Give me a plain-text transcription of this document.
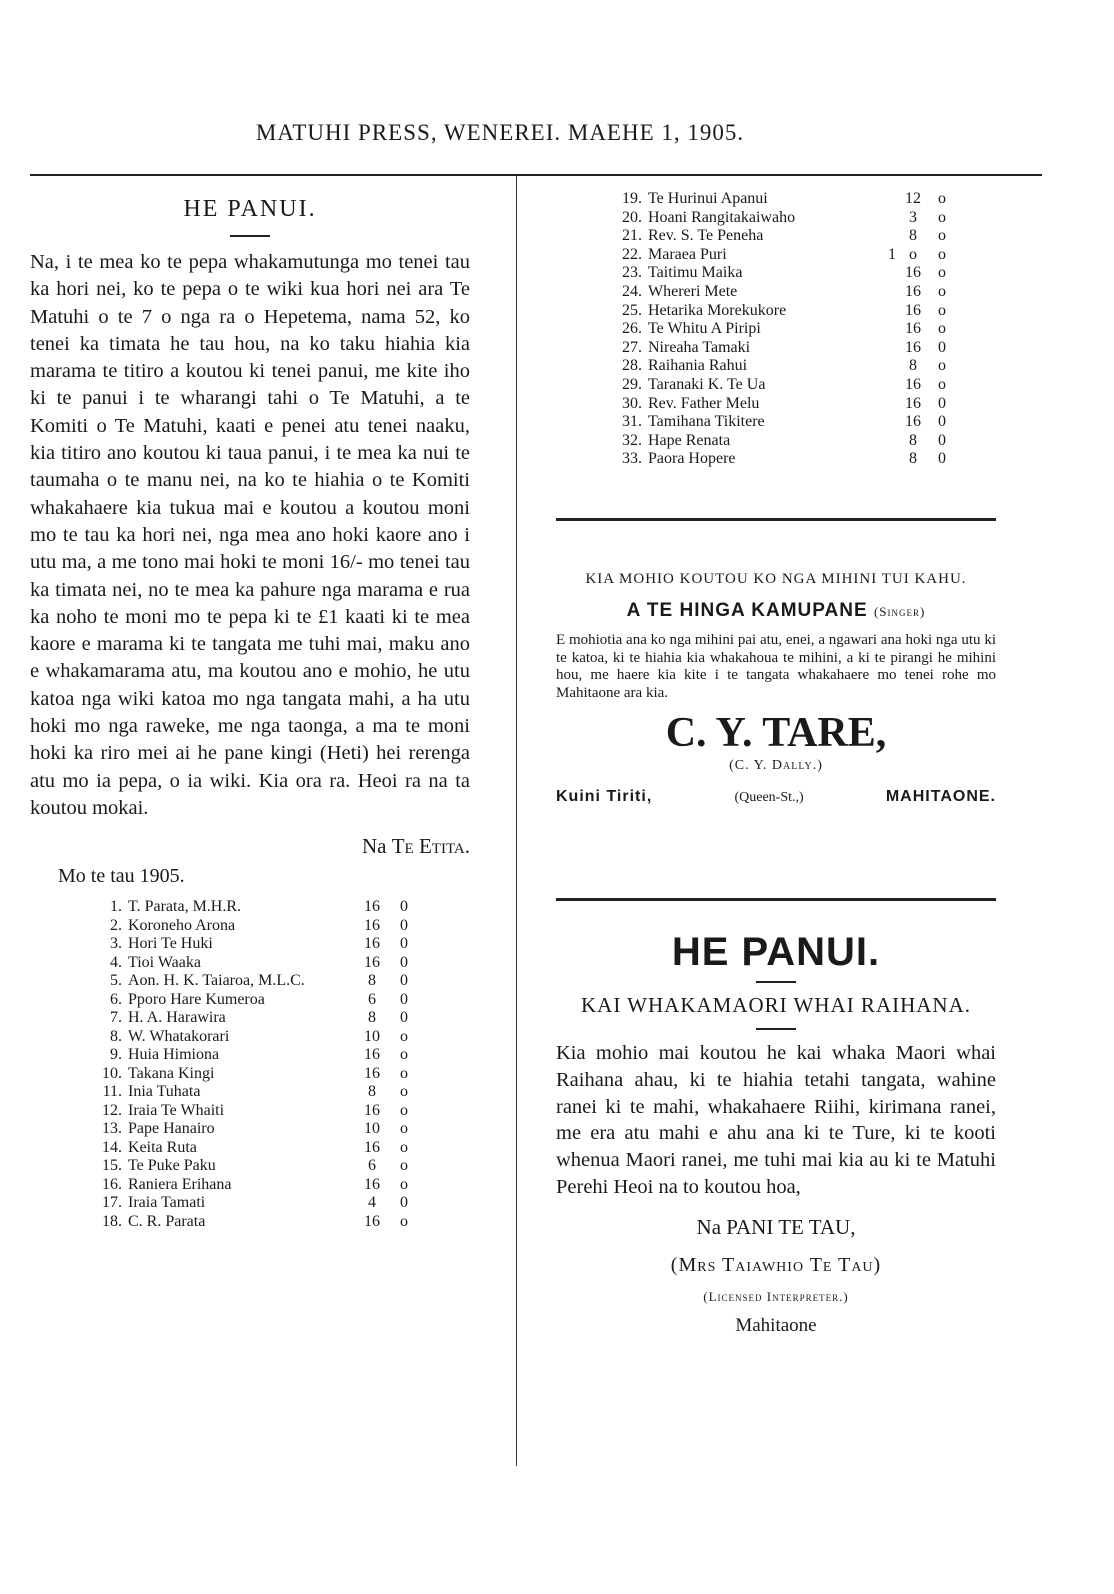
MATUHI PRESS, WENEREI. MAEHE 1, 1905.
HE PANUI.

Na, i te mea ko te pepa whakamutunga mo tenei tau ka hori nei, ko te pepa o te wiki kua hori nei ara Te Matuhi o te 7 o nga ra o Hepetema, nama 52, ko tenei ka timata he tau hou, na ko taku hiahia kia marama te titiro a koutou ki tenei panui, me kite iho ki te panui i te wharangi tahi o Te Matuhi, a te Komiti o Te Matuhi, kaati e penei atu tenei naaku, kia titiro ano koutou ki taua panui, i te mea ka nui te taumaha o te manu nei, na ko te hiahia o te Komiti whakahaere kia tukua mai e koutou a koutou moni mo te tau ka hori nei, nga mea ano hoki kaore ano i utu ma, a me tono mai hoki te moni 16/- mo tenei tau ka timata nei, no te mea ka pahure nga marama e rua ka noho te moni mo te pepa ki te £1 kaati ki te mea kaore e marama ki te tangata me tuhi mai, maku ano e whakamarama atu, ma koutou ano e mohio, he utu katoa nga wiki katoa mo nga tangata mahi, a ha utu hoki mo nga raweke, me nga taonga, a ma te moni hoki ka riro mei ai he pane kingi (Heti) hei rerenga atu mo ia pepa, o ia wiki. Kia ora ra. Heoi ra na ta koutou mokai.

Na Te Etita.

Mo te tau 1905.
1.	T. Parata, M.H.R.	16	0
2.	Koroneho Arona	16	0
3.	Hori Te Huki	16	0
4.	Tioi Waaka	16	0
5.	Aon. H. K. Taiaroa, M.L.C.	8	0
6.	Pporo Hare Kumeroa	6	0
7.	H. A. Harawira	8	0
8.	W. Whatakorari	10	o
9.	Huia Himiona	16	o
10.	Takana Kingi	16	o
11.	Inia Tuhata	8	o
12.	Iraia Te Whaiti	16	o
13.	Pape Hanairo	10	o
14.	Keita Ruta	16	o
15.	Te Puke Paku	6	o
16.	Raniera Erihana	16	o
17.	Iraia Tamati	4	0
18.	C. R. Parata	16	o
19.	Te Hurinui Apanui		12	o
20.	Hoani Rangitakaiwaho		3	o
21.	Rev. S. Te Peneha		8	o
22.	Maraea Puri	1	o	o
23.	Taitimu Maika		16	o
24.	Whereri Mete		16	o
25.	Hetarika Morekukore		16	o
26.	Te Whitu A Piripi		16	o
27.	Nireaha Tamaki		16	0
28.	Raihania Rahui		8	o
29.	Taranaki K. Te Ua		16	o
30.	Rev. Father Melu		16	0
31.	Tamihana Tikitere		16	0
32.	Hape Renata		8	0
33.	Paora Hopere		8	0
KIA MOHIO KOUTOU KO NGA MIHINI TUI KAHU.
A TE HINGA KAMUPANE (Singer)

E mohiotia ana ko nga mihini pai atu, enei, a ngawari ana hoki nga utu ki te katoa, ki te hiahia kia whakahoua te mihini, a ki te pirangi he mihini hou, me haere kia kite i te tangata whakahaere mo tenei rohe mo Mahitaone ara kia.

C. Y. TARE,
(C. Y. Dally.)
Kuini Tiriti,	(Queen-St.,)	MAHITAONE.
HE PANUI.
KAI WHAKAMAORI WHAI RAIHANA.

Kia mohio mai koutou he kai whaka Maori whai Raihana ahau, ki te hiahia tetahi tangata, wahine ranei ki te mahi, whakahaere Riihi, kirimana ranei, me era atu mahi e ahu ana ki te Ture, ki te kooti whenua Maori ranei, me tuhi mai kia au ki te Matuhi Perehi Heoi na to koutou hoa,

Na PANI TE TAU,
(Mrs Taiawhio Te Tau)
(Licensed Interpreter.)
Mahitaone
